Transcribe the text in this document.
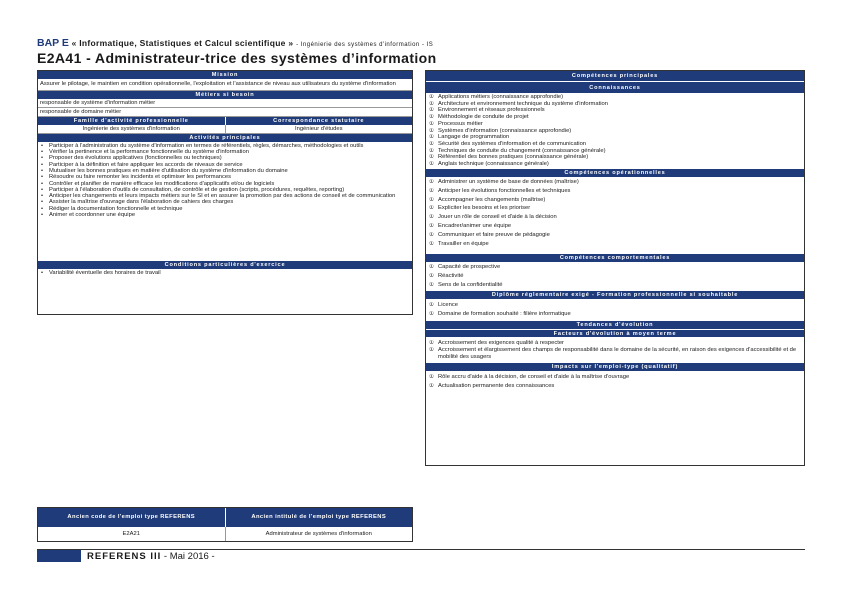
BAP E « Informatique, Statistiques et Calcul scientifique » - Ingénierie des systèmes d'information - IS
E2A41 - Administrateur-trice des systèmes d’information
Mission
Assurer le pilotage, le maintien en condition opérationnelle, l'exploitation et l'assistance de niveau aux utilisateurs du système d'information
Métiers si besoin
responsable de système d'information métier
responsable de domaine métier
Famille d'activité professionnelle	Correspondance statutaire
Ingénierie des systèmes d'information	Ingénieur d'études
Activités principales
• Participer à l'administration du système d'information en termes de référentiels, règles, démarches, méthodologies et outils
• Vérifier la pertinence et la performance fonctionnelle du système d'information
• Proposer des évolutions applicatives (fonctionnelles ou techniques)
• Participer à la définition et faire appliquer les accords de niveaux de service
• Mutualiser les bonnes pratiques en matière d'utilisation du système d'information du domaine
• Résoudre ou faire remonter les incidents et optimiser les performances
• Contrôler et planifier de manière efficace les modifications d'applicatifs et/ou de logiciels
• Participer à l'élaboration d'outils de consultation, de contrôle et de gestion (scripts, procédures, requêtes, reporting)
• Anticiper les changements et leurs impacts métiers sur le SI et en assurer la promotion par des actions de conseil et de communication
• Assister la maîtrise d'ouvrage dans l'élaboration de cahiers des charges
• Rédiger la documentation fonctionnelle et technique
• Animer et coordonner une équipe
Conditions particulières d'exercice
• Variabilité éventuelle des horaires de travail
Compétences principales
Connaissances
① Applications métiers (connaissance approfondie)
① Architecture et environnement technique du système d'information
① Environnement et réseaux professionnels
① Méthodologie de conduite de projet
① Processus métier
① Systèmes d'information (connaissance approfondie)
① Langage de programmation
① Sécurité des systèmes d'information et de communication
① Techniques de conduite du changement (connaissance générale)
① Référentiel des bonnes pratiques (connaissance générale)
① Anglais technique (connaissance générale)
Compétences opérationnelles
① Administrer un système de base de données (maîtrise)
① Anticiper les évolutions fonctionnelles et techniques
① Accompagner les changements (maîtrise)
① Expliciter les besoins et les prioriser
① Jouer un rôle de conseil et d'aide à la décision
① Encadrer/animer une équipe
① Communiquer et faire preuve de pédagogie
① Travailler en équipe
Compétences comportementales
① Capacité de prospective
① Réactivité
① Sens de la confidentialité
Diplôme réglementaire exigé - Formation professionnelle si souhaitable
① Licence
① Domaine de formation souhaité : filière informatique
Tendances d'évolution
Facteurs d'évolution à moyen terme
① Accroissement des exigences qualité à respecter
① Accroissement et élargissement des champs de responsabilité dans le domaine de la sécurité, en raison des exigences d'accessibilité et de mobilité des usagers
Impacts sur l'emploi-type (qualitatif)
① Rôle accru d'aide à la décision, de conseil et d'aide à la maîtrise d'ouvrage
① Actualisation permanente des connaissances
Ancien code de l'emploi type REFERENS	Ancien intitulé de l'emploi type REFERENS
E2A21	Administrateur de systèmes d'information
REFERENS III - Mai 2016 -
